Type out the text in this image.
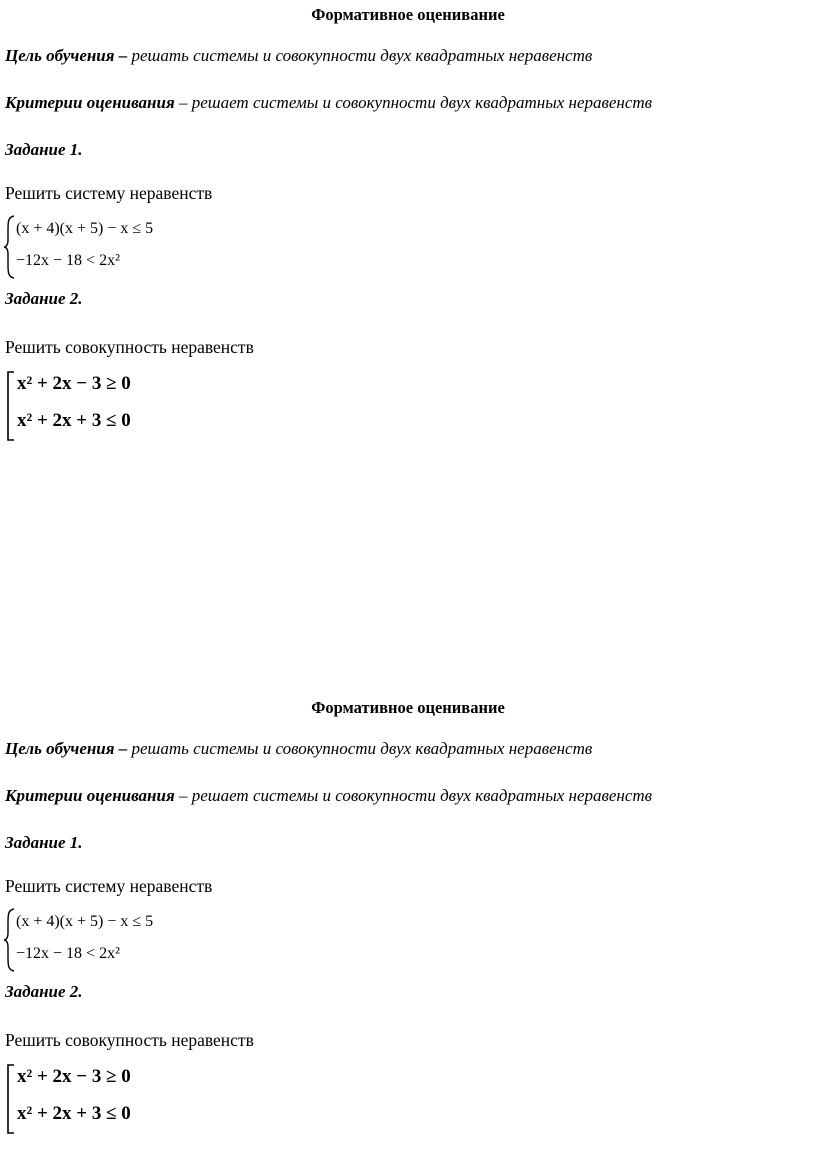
Формативное оценивание
Цель обучения – решать системы и совокупности двух квадратных неравенств
Критерии оценивания – решает системы и совокупности двух квадратных неравенств
Задание 1.
Решить систему неравенств
(x + 4)(x + 5) − x ≤ 5
−12x − 18 < 2x²
Задание 2.
Решить совокупность неравенств
x² + 2x − 3 ≥ 0
x² + 2x + 3 ≤ 0
Формативное оценивание
Цель обучения – решать системы и совокупности двух квадратных неравенств
Критерии оценивания – решает системы и совокупности двух квадратных неравенств
Задание 1.
Решить систему неравенств
(x + 4)(x + 5) − x ≤ 5
−12x − 18 < 2x²
Задание 2.
Решить совокупность неравенств
x² + 2x − 3 ≥ 0
x² + 2x + 3 ≤ 0
